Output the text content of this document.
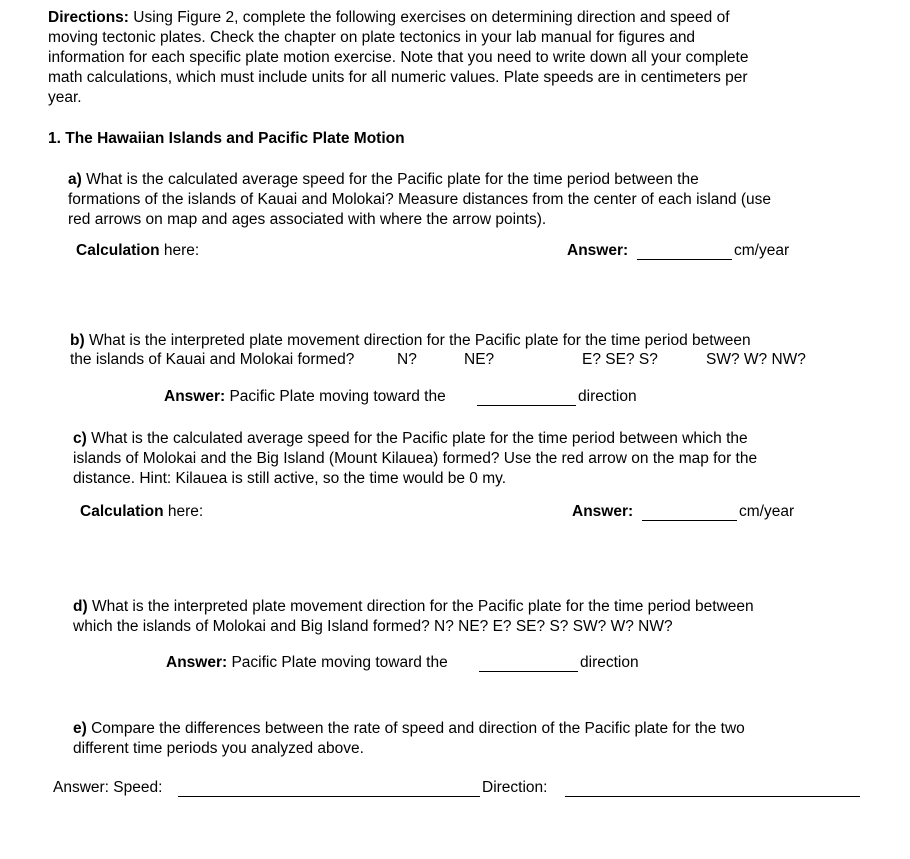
Directions: Using Figure 2, complete the following exercises on determining direction and speed of
moving tectonic plates. Check the chapter on plate tectonics in your lab manual for figures and
information for each specific plate motion exercise. Note that you need to write down all your complete
math calculations, which must include units for all numeric values. Plate speeds are in centimeters per
year.
1. The Hawaiian Islands and Pacific Plate Motion
a) What is the calculated average speed for the Pacific plate for the time period between the
formations of the islands of Kauai and Molokai? Measure distances from the center of each island (use
red arrows on map and ages associated with where the arrow points).
Calculation here:	Answer:	cm/year
b) What is the interpreted plate movement direction for the Pacific plate for the time period between
the islands of Kauai and Molokai formed?	N?	NE?	E? SE? S?	SW? W? NW?
Answer: Pacific Plate moving toward the	direction
c) What is the calculated average speed for the Pacific plate for the time period between which the
islands of Molokai and the Big Island (Mount Kilauea) formed? Use the red arrow on the map for the
distance. Hint: Kilauea is still active, so the time would be 0 my.
Calculation here:	Answer:	cm/year
d) What is the interpreted plate movement direction for the Pacific plate for the time period between
which the islands of Molokai and Big Island formed? N? NE? E? SE? S? SW? W? NW?
Answer: Pacific Plate moving toward the	direction
e) Compare the differences between the rate of speed and direction of the Pacific plate for the two
different time periods you analyzed above.
Answer: Speed:	Direction:
